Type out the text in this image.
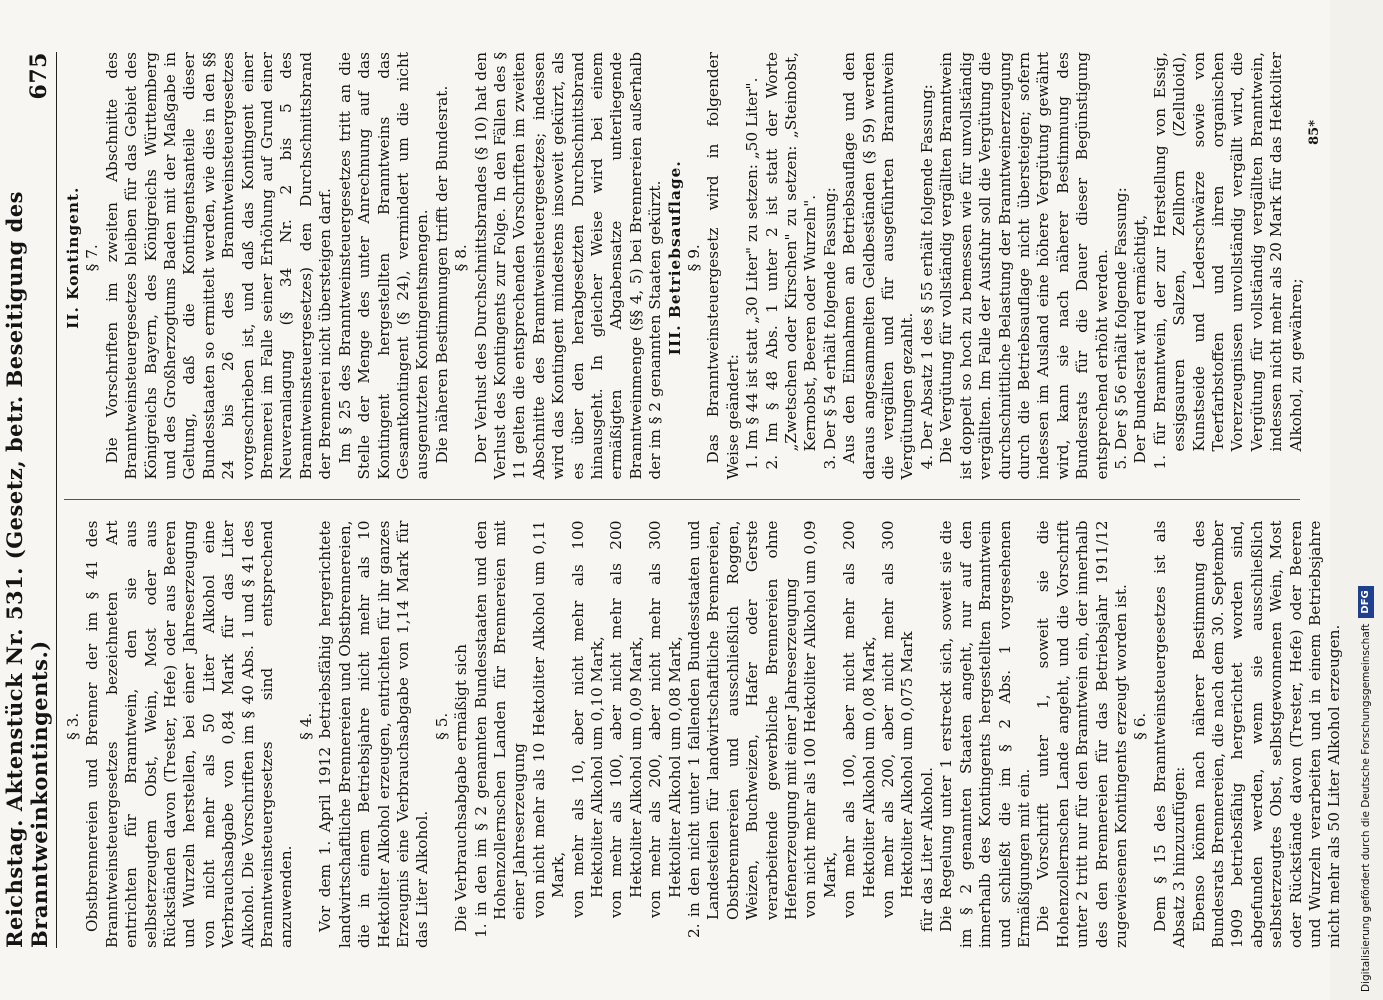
Reichstag. Aktenstück Nr. 531. (Gesetz, betr. Beseitigung des Branntweinkontingents.)
675

§ 3. Obstbrennereien und Brenner der im § 41 des Branntweinsteuergesetzes bezeichneten Art entrichten für Branntwein, den sie aus selbsterzeugtem Obst, Wein, Most oder aus Rückständen davon (Trester, Hefe) oder aus Beeren und Wurzeln herstellen, bei einer Jahreserzeugung von nicht mehr als 50 Liter Alkohol eine Verbrauchsabgabe von 0,84 Mark für das Liter Alkohol. Die Vorschriften im § 40 Abs. 1 und § 41 des Branntweinsteuergesetzes sind entsprechend anzuwenden.

§ 4. Vor dem 1. April 1912 betriebsfähig hergerichtete landwirtschaftliche Brennereien und Obstbrennereien, die in einem Betriebsjahre nicht mehr als 10 Hektoliter Alkohol erzeugen, entrichten für ihr ganzes Erzeugnis eine Verbrauchsabgabe von 1,14 Mark für das Liter Alkohol.

§ 5. Die Verbrauchsabgabe ermäßigt sich 1. in den im § 2 genannten Bundesstaaten und den Hohenzollernschen Landen für Brennereien mit einer Jahreserzeugung von nicht mehr als 10 Hektoliter Alkohol um 0,11 Mark, von mehr als 10, aber nicht mehr als 100 Hektoliter Alkohol um 0,10 Mark, von mehr als 100, aber nicht mehr als 200 Hektoliter Alkohol um 0,09 Mark, von mehr als 200, aber nicht mehr als 300 Hektoliter Alkohol um 0,08 Mark, 2. in den nicht unter 1 fallenden Bundesstaaten und Landesteilen für landwirtschaftliche Brennereien, Obstbrennereien und ausschließlich Roggen, Weizen, Buchweizen, Hafer oder Gerste verarbeitende gewerbliche Brennereien ohne Hefenerzeugung mit einer Jahreserzeugung von nicht mehr als 100 Hektoliter Alkohol um 0,09 Mark, von mehr als 100, aber nicht mehr als 200 Hektoliter Alkohol um 0,08 Mark, von mehr als 200, aber nicht mehr als 300 Hektoliter Alkohol um 0,075 Mark für das Liter Alkohol. Die Regelung unter 1 erstreckt sich, soweit sie die im § 2 genannten Staaten angeht, nur auf den innerhalb des Kontingents hergestellten Branntwein und schließt die im § 2 Abs. 1 vorgesehenen Ermäßigungen mit ein. Die Vorschrift unter 1, soweit sie die Hohenzollernschen Lande angeht, und die Vorschrift unter 2 tritt nur für den Branntwein ein, der innerhalb des den Brennereien für das Betriebsjahr 1911/12 zugewiesenen Kontingents erzeugt worden ist. § 6. Dem § 15 des Branntweinsteuergesetzes ist als Absatz 3 hinzuzufügen: Ebenso können nach näherer Bestimmung des Bundesrats Brennereien, die nach dem 30. September 1909 betriebsfähig hergerichtet worden sind, abgefunden werden, wenn sie ausschließlich selbsterzeugtes Obst, selbstgewonnenen Wein, Most oder Rückstände davon (Trester, Hefe) oder Beeren und Wurzeln verarbeiten und in einem Betriebsjahre nicht mehr als 50 Liter Alkohol erzeugen.

II. Kontingent. § 7. Die Vorschriften im zweiten Abschnitte des Branntweinsteuergesetzes bleiben für das Gebiet des Königreichs Bayern, des Königreichs Württemberg und des Großherzogtums Baden mit der Maßgabe in Geltung, daß die Kontingentsanteile dieser Bundesstaaten so ermittelt werden, wie dies in den §§ 24 bis 26 des Branntweinsteuergesetzes vorgeschrieben ist, und daß das Kontingent einer Brennerei im Falle seiner Erhöhung auf Grund einer Neuveranlagung (§ 34 Nr. 2 bis 5 des Branntweinsteuergesetzes) den Durchschnittsbrand der Brennerei nicht übersteigen darf. Im § 25 des Branntweinsteuergesetzes tritt an die Stelle der Menge des unter Anrechnung auf das Kontingent hergestellten Branntweins das Gesamtkontingent (§ 24), vermindert um die nicht ausgenutzten Kontingentsmengen. Die näheren Bestimmungen trifft der Bundesrat. § 8. Der Verlust des Durchschnittsbrandes (§ 10) hat den Verlust des Kontingents zur Folge. In den Fällen des § 11 gelten die entsprechenden Vorschriften im zweiten Abschnitte des Branntweinsteuergesetzes; indessen wird das Kontingent mindestens insoweit gekürzt, als es über den herabgesetzten Durchschnittsbrand hinausgeht. In gleicher Weise wird bei einem ermäßigten Abgabensatze unterliegende Branntweinmenge (§§ 4, 5) bei Brennereien außerhalb der im § 2 genannten Staaten gekürzt. III. Betriebsauflage. § 9. Das Branntweinsteuergesetz wird in folgender Weise geändert: 1. Im § 44 ist statt „30 Liter" zu setzen: „50 Liter". 2. Im § 48 Abs. 1 unter 2 ist statt der Worte „Zwetschen oder Kirschen" zu setzen: „Steinobst, Kernobst, Beeren oder Wurzeln". 3. Der § 54 erhält folgende Fassung: Aus den Einnahmen an Betriebsauflage und den daraus angesammelten Geldbeständen (§ 59) werden die vergällten und für ausgeführten Branntwein Vergütungen gezahlt. 4. Der Absatz 1 des § 55 erhält folgende Fassung: Die Vergütung für vollständig vergällten Branntwein ist doppelt so hoch zu bemessen wie für unvollständig vergällten. Im Falle der Ausfuhr soll die Vergütung die durchschnittliche Belastung der Branntweinerzeugung durch die Betriebsauflage nicht übersteigen; sofern indessen im Ausland eine höhere Vergütung gewährt wird, kann sie nach näherer Bestimmung des Bundesrats für die Dauer dieser Begünstigung entsprechend erhöht werden. 5. Der § 56 erhält folgende Fassung: Der Bundesrat wird ermächtigt, 1. für Branntwein, der zur Herstellung von Essig, essigsauren Salzen, Zellhorn (Zelluloid), Kunstseide und Lederschwärze sowie von Teerfarbstoffen und ihren organischen Vorerzeugnissen unvollständig vergällt wird, die Vergütung für vollständig vergällten Branntwein, indessen nicht mehr als 20 Mark für das Hektoliter Alkohol, zu gewähren;

85*
Digitalisierung gefördert durch die Deutsche Forschungsgemeinschaft
DFG
